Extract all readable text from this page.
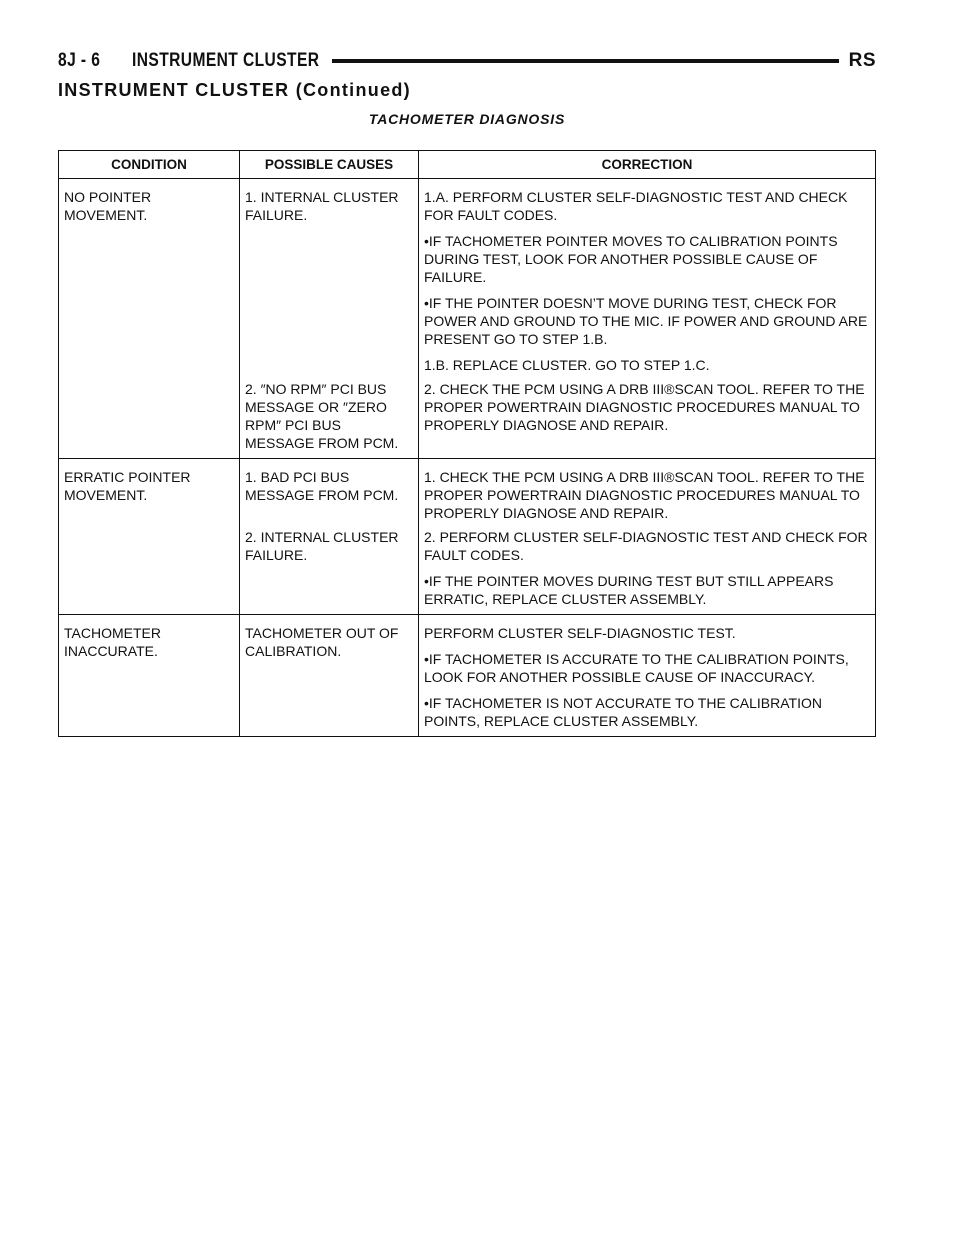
8J - 6 INSTRUMENT CLUSTER	RS
INSTRUMENT CLUSTER (Continued)
TACHOMETER DIAGNOSIS
CONDITION	POSSIBLE CAUSES	CORRECTION
NO POINTER MOVEMENT.	1. INTERNAL CLUSTER FAILURE.	1.A. PERFORM CLUSTER SELF-DIAGNOSTIC TEST AND CHECK FOR FAULT CODES.
•IF TACHOMETER POINTER MOVES TO CALIBRATION POINTS DURING TEST, LOOK FOR ANOTHER POSSIBLE CAUSE OF FAILURE.
•IF THE POINTER DOESN’T MOVE DURING TEST, CHECK FOR POWER AND GROUND TO THE MIC. IF POWER AND GROUND ARE PRESENT GO TO STEP 1.B.
1.B. REPLACE CLUSTER. GO TO STEP 1.C.

	2. ″NO RPM″ PCI BUS MESSAGE OR ″ZERO RPM″ PCI BUS MESSAGE FROM PCM.	2. CHECK THE PCM USING A DRB III®SCAN TOOL. REFER TO THE PROPER POWERTRAIN DIAGNOSTIC PROCEDURES MANUAL TO PROPERLY DIAGNOSE AND REPAIR.

ERRATIC POINTER MOVEMENT.	1. BAD PCI BUS MESSAGE FROM PCM.	1. CHECK THE PCM USING A DRB III®SCAN TOOL. REFER TO THE PROPER POWERTRAIN DIAGNOSTIC PROCEDURES MANUAL TO PROPERLY DIAGNOSE AND REPAIR.

	2. INTERNAL CLUSTER FAILURE.	2. PERFORM CLUSTER SELF-DIAGNOSTIC TEST AND CHECK FOR FAULT CODES.
•IF THE POINTER MOVES DURING TEST BUT STILL APPEARS ERRATIC, REPLACE CLUSTER ASSEMBLY.

TACHOMETER INACCURATE.	TACHOMETER OUT OF CALIBRATION.	PERFORM CLUSTER SELF-DIAGNOSTIC TEST.
•IF TACHOMETER IS ACCURATE TO THE CALIBRATION POINTS, LOOK FOR ANOTHER POSSIBLE CAUSE OF INACCURACY.
•IF TACHOMETER IS NOT ACCURATE TO THE CALIBRATION POINTS, REPLACE CLUSTER ASSEMBLY.
